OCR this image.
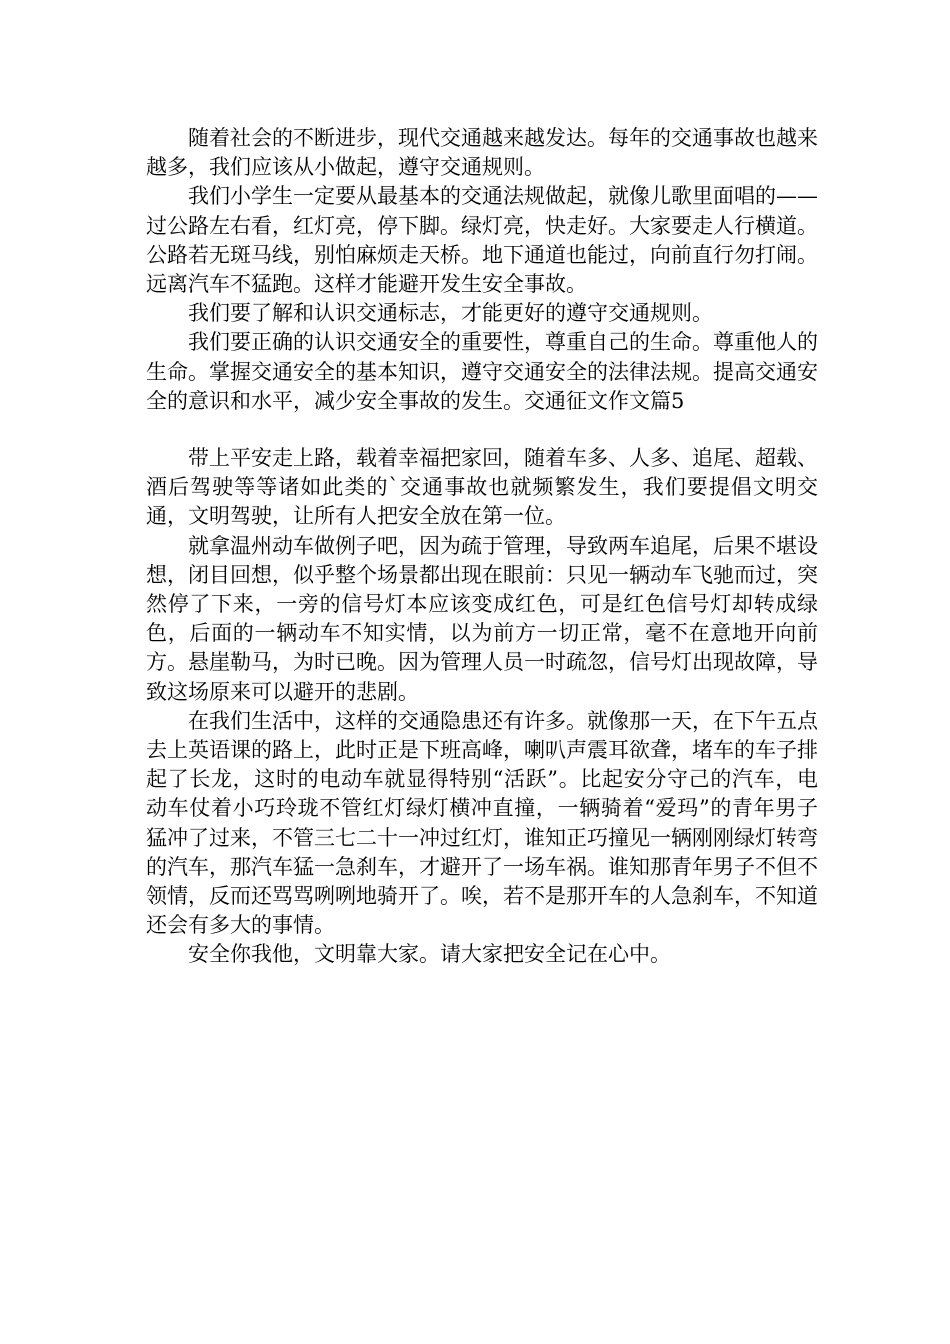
随着社会的不断进步，现代交通越来越发达。每年的交通事故也越来越多，我们应该从小做起，遵守交通规则。

我们小学生一定要从最基本的交通法规做起，就像儿歌里面唱的——过公路左右看，红灯亮，停下脚。绿灯亮，快走好。大家要走人行横道。公路若无斑马线，别怕麻烦走天桥。地下通道也能过，向前直行勿打闹。远离汽车不猛跑。这样才能避开发生安全事故。

我们要了解和认识交通标志，才能更好的遵守交通规则。

我们要正确的认识交通安全的重要性，尊重自己的生命。尊重他人的生命。掌握交通安全的基本知识，遵守交通安全的法律法规。提高交通安全的意识和水平，减少安全事故的发生。交通征文作文篇5

带上平安走上路，载着幸福把家回，随着车多、人多、追尾、超载、酒后驾驶等等诸如此类的`交通事故也就频繁发生，我们要提倡文明交通，文明驾驶，让所有人把安全放在第一位。

就拿温州动车做例子吧，因为疏于管理，导致两车追尾，后果不堪设想，闭目回想，似乎整个场景都出现在眼前：只见一辆动车飞驰而过，突然停了下来，一旁的信号灯本应该变成红色，可是红色信号灯却转成绿色，后面的一辆动车不知实情，以为前方一切正常，毫不在意地开向前方。悬崖勒马，为时已晚。因为管理人员一时疏忽，信号灯出现故障，导致这场原来可以避开的悲剧。

在我们生活中，这样的交通隐患还有许多。就像那一天，在下午五点去上英语课的路上，此时正是下班高峰，喇叭声震耳欲聋，堵车的车子排起了长龙，这时的电动车就显得特别“活跃”。比起安分守己的汽车，电动车仗着小巧玲珑不管红灯绿灯横冲直撞，一辆骑着“爱玛”的青年男子猛冲了过来，不管三七二十一冲过红灯，谁知正巧撞见一辆刚刚绿灯转弯的汽车，那汽车猛一急刹车，才避开了一场车祸。谁知那青年男子不但不领情，反而还骂骂咧咧地骑开了。唉，若不是那开车的人急刹车，不知道还会有多大的事情。

安全你我他，文明靠大家。请大家把安全记在心中。
